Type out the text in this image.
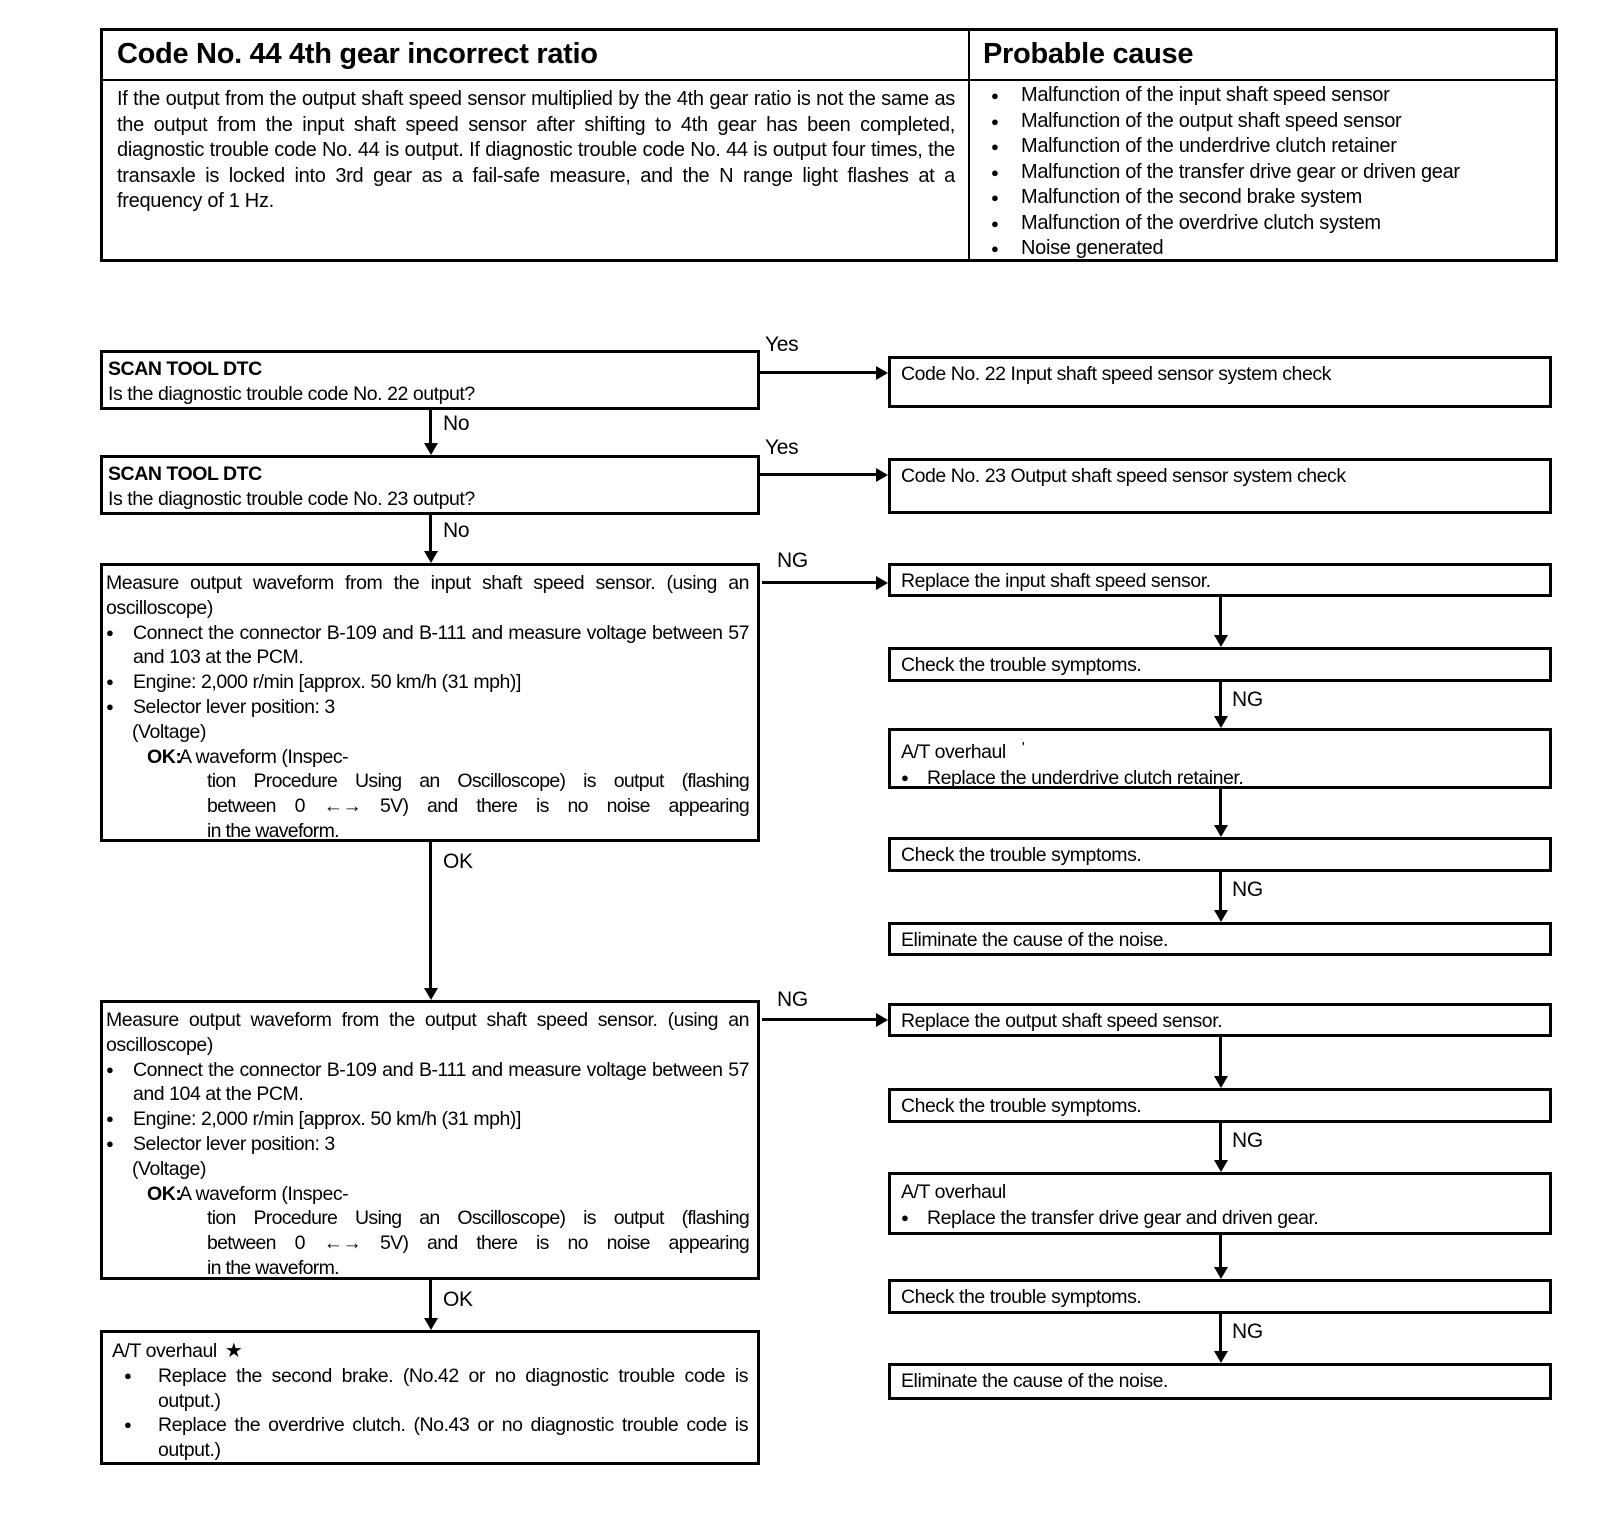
Code No. 44 4th gear incorrect ratio	Probable cause
If the output from the output shaft speed sensor multiplied by the 4th gear ratio is not the same as the output from the input shaft speed sensor after shifting to 4th gear has been completed, diagnostic trouble code No. 44 is output. If diagnostic trouble code No. 44 is output four times, the transaxle is locked into 3rd gear as a fail-safe measure, and the N range light flashes at a frequency of 1 Hz.
●
Malfunction of the input shaft speed sensor
●
Malfunction of the output shaft speed sensor
●
Malfunction of the underdrive clutch retainer
●
Malfunction of the transfer drive gear or driven gear
●
Malfunction of the second brake system
●
Malfunction of the overdrive clutch system
●
Noise generated
SCAN TOOL DTC
Is the diagnostic trouble code No. 22 output?
SCAN TOOL DTC
Is the diagnostic trouble code No. 23 output?
Measure output waveform from the input shaft speed sensor. (using an oscilloscope)
●
Connect the connector B-109 and B-111 and measure voltage between 57 and 103 at the PCM.
●
Engine: 2,000 r/min [approx. 50 km/h (31 mph)]
●
Selector lever position: 3
(Voltage)
OK:
A waveform (Inspec-
tion Procedure Using an Oscilloscope) is output (flashing
between 0 ←→ 5V) and there is no noise appearing
in the waveform.
Measure output waveform from the output shaft speed sensor. (using an oscilloscope)
●
Connect the connector B-109 and B-111 and measure voltage between 57 and 104 at the PCM.
●
Engine: 2,000 r/min [approx. 50 km/h (31 mph)]
●
Selector lever position: 3
(Voltage)
OK:
A waveform (Inspec-
tion Procedure Using an Oscilloscope) is output (flashing
between 0 ←→ 5V) and there is no noise appearing
in the waveform.
A/T overhaul ★
●
Replace the second brake. (No.42 or no diagnostic trouble code is output.)
●
Replace the overdrive clutch. (No.43 or no diagnostic trouble code is output.)
Code No. 22 Input shaft speed sensor system check
Code No. 23 Output shaft speed sensor system check
Replace the input shaft speed sensor.
Check the trouble symptoms.
A/T overhaul '
●
Replace the underdrive clutch retainer.
Check the trouble symptoms.
Eliminate the cause of the noise.
Replace the output shaft speed sensor.
Check the trouble symptoms.
A/T overhaul
●
Replace the transfer drive gear and driven gear.
Check the trouble symptoms.
Eliminate the cause of the noise.
Yes
Yes
No
No
NG
NG
OK
OK
NG
NG
NG
NG
